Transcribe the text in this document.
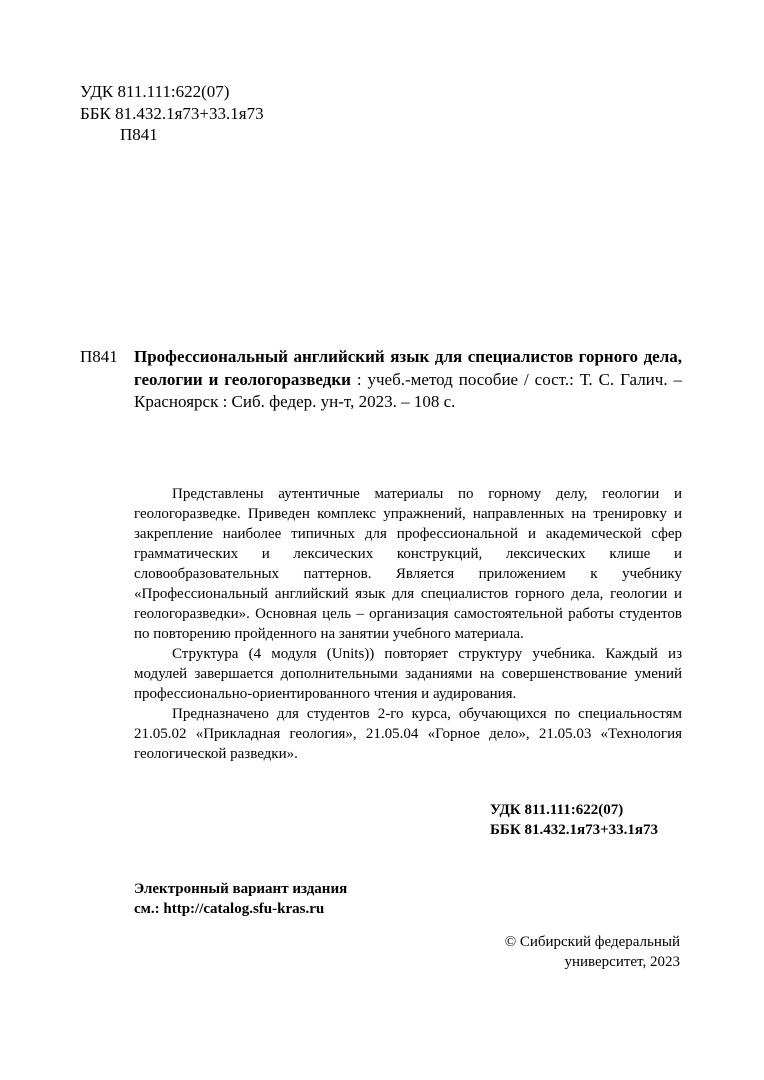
УДК 811.111:622(07)
ББК 81.432.1я73+33.1я73
П841
П841 Профессиональный английский язык для специалистов горного дела, геологии и геологоразведки : учеб.-метод пособие / сост.: Т. С. Галич. – Красноярск : Сиб. федер. ун-т, 2023. – 108 с.

Представлены аутентичные материалы по горному делу, геологии и геологоразведке. Приведен комплекс упражнений, направленных на тренировку и закрепление наиболее типичных для профессиональной и академической сфер грамматических и лексических конструкций, лексических клише и словообразовательных паттернов. Является приложением к учебнику «Профессиональный английский язык для специалистов горного дела, геологии и геологоразведки». Основная цель – организация самостоятельной работы студентов по повторению пройденного на занятии учебного материала.

Структура (4 модуля (Units)) повторяет структуру учебника. Каждый из модулей завершается дополнительными заданиями на совершенствование умений профессионально-ориентированного чтения и аудирования.

Предназначено для студентов 2-го курса, обучающихся по специальностям 21.05.02 «Прикладная геология», 21.05.04 «Горное дело», 21.05.03 «Технология геологической разведки».

УДК 811.111:622(07)
ББК 81.432.1я73+33.1я73
Электронный вариант издания
см.: http://catalog.sfu-kras.ru
© Сибирский федеральный
университет, 2023
